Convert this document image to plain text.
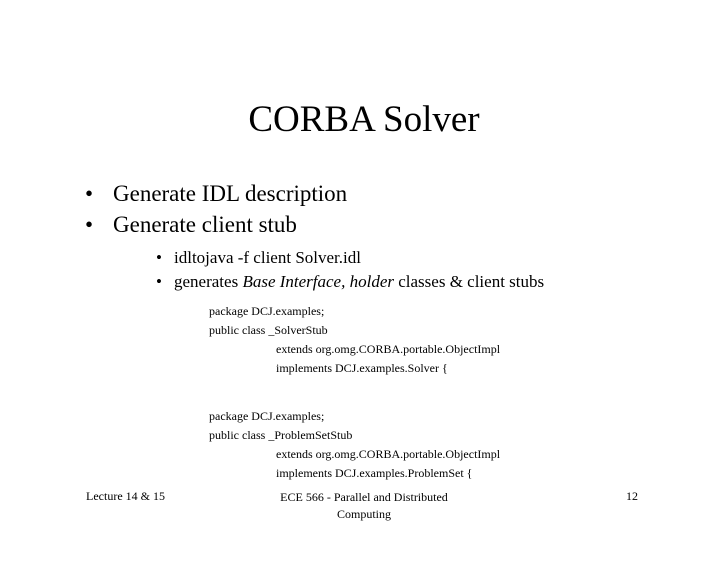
CORBA Solver
• Generate IDL description
• Generate client stub
• idltojava -f client Solver.idl
• generates Base Interface, holder classes & client stubs
package DCJ.examples;
public class _SolverStub
extends org.omg.CORBA.portable.ObjectImpl
implements DCJ.examples.Solver {
package DCJ.examples;
public class _ProblemSetStub
extends org.omg.CORBA.portable.ObjectImpl
implements DCJ.examples.ProblemSet {
Lecture 14 & 15	ECE 566 - Parallel and Distributed
Computing
12
